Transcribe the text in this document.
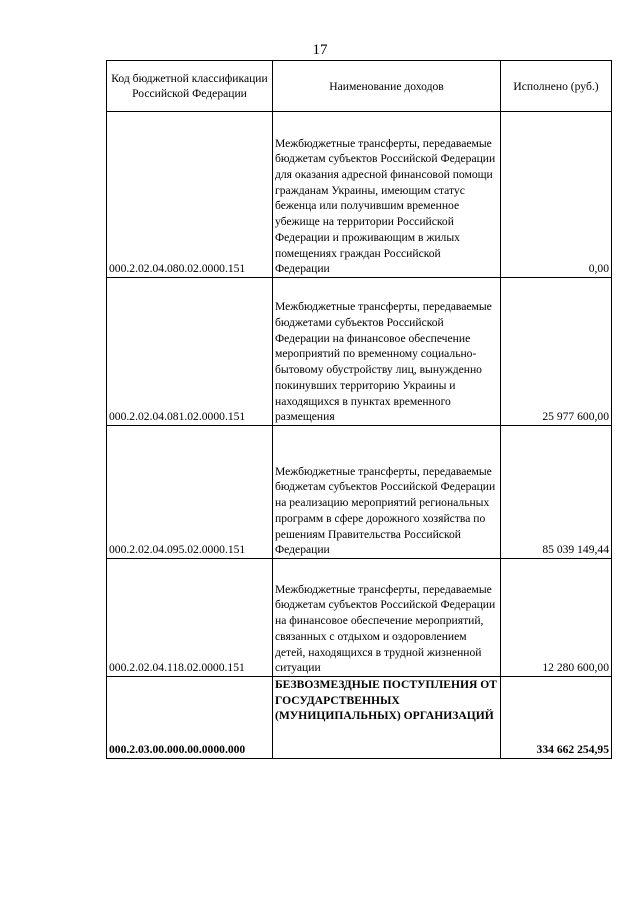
17
Код бюджетной классификации Российской Федерации	Наименование доходов	Исполнено (руб.)
000.2.02.04.080.02.0000.151	Межбюджетные трансферты, передаваемые бюджетам субъектов Российской Федерации для оказания адресной финансовой помощи гражданам Украины, имеющим статус беженца или получившим временное убежище на территории Российской Федерации и проживающим в жилых помещениях граждан Российской Федерации	0,00
000.2.02.04.081.02.0000.151	Межбюджетные трансферты, передаваемые бюджетами субъектов Российской Федерации на финансовое обеспечение мероприятий по временному социально-бытовому обустройству лиц, вынужденно покинувших территорию Украины и находящихся в пунктах временного размещения	25 977 600,00
000.2.02.04.095.02.0000.151	Межбюджетные трансферты, передаваемые бюджетам субъектов Российской Федерации на реализацию мероприятий региональных программ в сфере дорожного хозяйства по решениям Правительства Российской Федерации	85 039 149,44
000.2.02.04.118.02.0000.151	Межбюджетные трансферты, передаваемые бюджетам субъектов Российской Федерации на финансовое обеспечение мероприятий, связанных с отдыхом и оздоровлением детей, находящихся в трудной жизненной ситуации	12 280 600,00
000.2.03.00.000.00.0000.000	БЕЗВОЗМЕЗДНЫЕ ПОСТУПЛЕНИЯ ОТ ГОСУДАРСТВЕННЫХ (МУНИЦИПАЛЬНЫХ) ОРГАНИЗАЦИЙ	334 662 254,95
